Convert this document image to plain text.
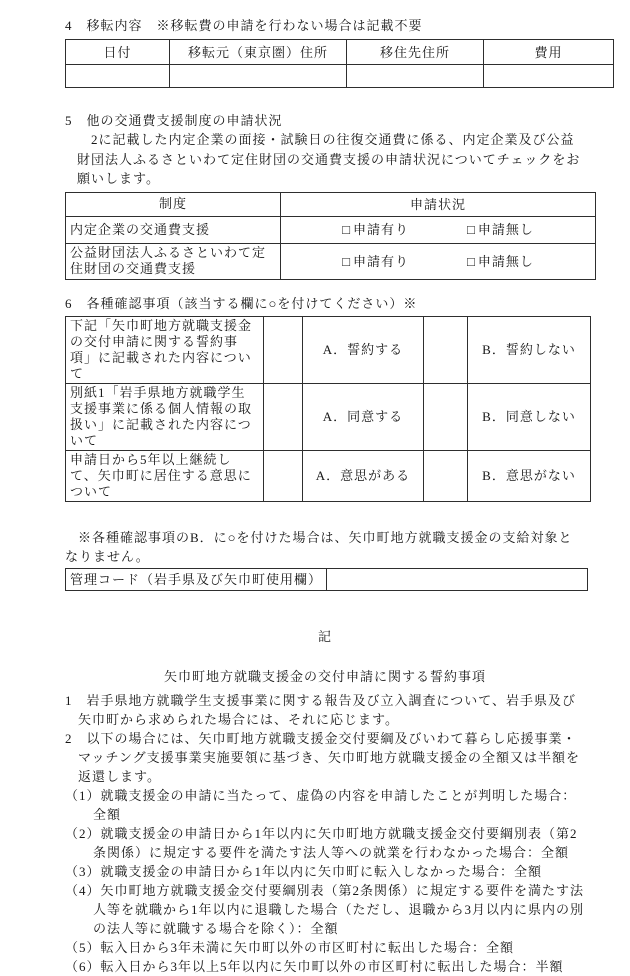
4　移転内容　※移転費の申請を行わない場合は記載不要
日付	移転元（東京圏）住所	移住先住所	費用

5　他の交通費支援制度の申請状況

2に記載した内定企業の面接・試験日の往復交通費に係る、内定企業及び公益財団法人ふるさといわて定住財団の交通費支援の申請状況についてチェックをお願いします。

制度	申請状況
内定企業の交通費支援	□ 申請有り □ 申請無し

公益財団法人ふるさといわて定住財団の交通費支援	□ 申請有り □ 申請無し
6　各種確認事項（該当する欄に○を付けてください）※
下記「矢巾町地方就職支援金の交付申請に関する誓約事項」に記載された内容について		A．誓約する		B．誓約しない
別紙1「岩手県地方就職学生支援事業に係る個人情報の取扱い」に記載された内容について		A．同意する		B．同意しない
申請日から5年以上継続して、矢巾町に居住する意思について		A．意思がある		B．意思がない

※各種確認事項のB．に○を付けた場合は、矢巾町地方就職支援金の支給対象となりません。

管理コード（岩手県及び矢巾町使用欄）	

記

矢巾町地方就職支援金の交付申請に関する誓約事項

1　岩手県地方就職学生支援事業に関する報告及び立入調査について、岩手県及び矢巾町から求められた場合には、それに応じます。

2　以下の場合には、矢巾町地方就職支援金交付要綱及びいわて暮らし応援事業・マッチング支援事業実施要領に基づき、矢巾町地方就職支援金の全額又は半額を返還します。

（1）就職支援金の申請に当たって、虚偽の内容を申請したことが判明した場合：全額

（2）就職支援金の申請日から1年以内に矢巾町地方就職支援金交付要綱別表（第2条関係）に規定する要件を満たす法人等への就業を行わなかった場合：全額

（3）就職支援金の申請日から1年以内に矢巾町に転入しなかった場合：全額

（4）矢巾町地方就職支援金交付要綱別表（第2条関係）に規定する要件を満たす法人等を就職から1年以内に退職した場合（ただし、退職から3月以内に県内の別の法人等に就職する場合を除く）：全額

（5）転入日から3年未満に矢巾町以外の市区町村に転出した場合：全額

（6）転入日から3年以上5年以内に矢巾町以外の市区町村に転出した場合：半額
